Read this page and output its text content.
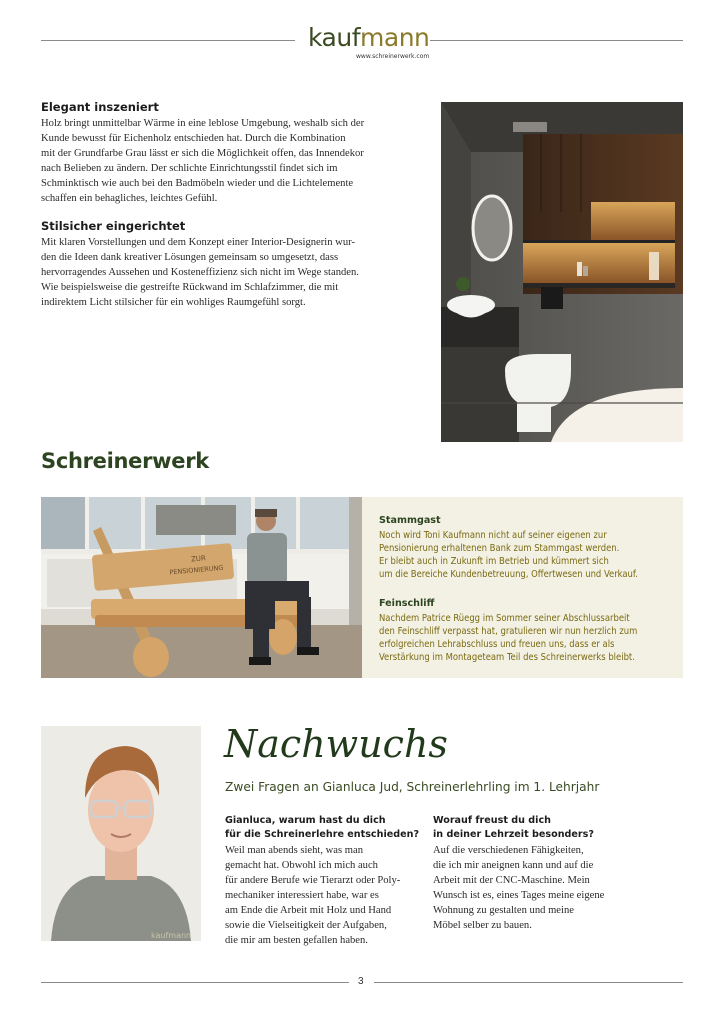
kaufmann
www.schreinerwerk.com
Elegant inszeniert
Holz bringt unmittelbar Wärme in eine leblose Umgebung, weshalb sich der
Kunde bewusst für Eichenholz entschieden hat. Durch die Kombination
mit der Grundfarbe Grau lässt er sich die Möglichkeit offen, das Innendekor
nach Belieben zu ändern. Der schlichte Einrichtungsstil findet sich im
Schminktisch wie auch bei den Badmöbeln wieder und die Lichtelemente
schaffen ein behagliches, leichtes Gefühl.
Stilsicher eingerichtet
Mit klaren Vorstellungen und dem Konzept einer Interior-Designerin wur-
den die Ideen dank kreativer Lösungen gemeinsam so umgesetzt, dass
hervorragendes Aussehen und Kosteneffizienz sich nicht im Wege standen.
Wie beispielsweise die gestreifte Rückwand im Schlafzimmer, die mit
indirektem Licht stilsicher für ein wohliges Raumgefühl sorgt.
Schreinerwerk
ZUR
PENSIONIERUNG
Stammgast
Noch wird Toni Kaufmann nicht auf seiner eigenen zur
Pensionierung erhaltenen Bank zum Stammgast werden.
Er bleibt auch in Zukunft im Betrieb und kümmert sich
um die Bereiche Kundenbetreuung, Offertwesen und Verkauf.
Feinschliff
Nachdem Patrice Rüegg im Sommer seiner Abschlussarbeit
den Feinschliff verpasst hat, gratulieren wir nun herzlich zum
erfolgreichen Lehrabschluss und freuen uns, dass er als
Verstärkung im Montageteam Teil des Schreinerwerks bleibt.
kaufmann
Nachwuchs
Zwei Fragen an Gianluca Jud, Schreinerlehrling im 1. Lehrjahr
Gianluca, warum hast du dich
für die Schreinerlehre entschieden?
Weil man abends sieht, was man
gemacht hat. Obwohl ich mich auch
für andere Berufe wie Tierarzt oder Poly-
mechaniker interessiert habe, war es
am Ende die Arbeit mit Holz und Hand
sowie die Vielseitigkeit der Aufgaben,
die mir am besten gefallen haben.
Worauf freust du dich
in deiner Lehrzeit besonders?
Auf die verschiedenen Fähigkeiten,
die ich mir aneignen kann und auf die
Arbeit mit der CNC-Maschine. Mein
Wunsch ist es, eines Tages meine eigene
Wohnung zu gestalten und meine
Möbel selber zu bauen.
3
